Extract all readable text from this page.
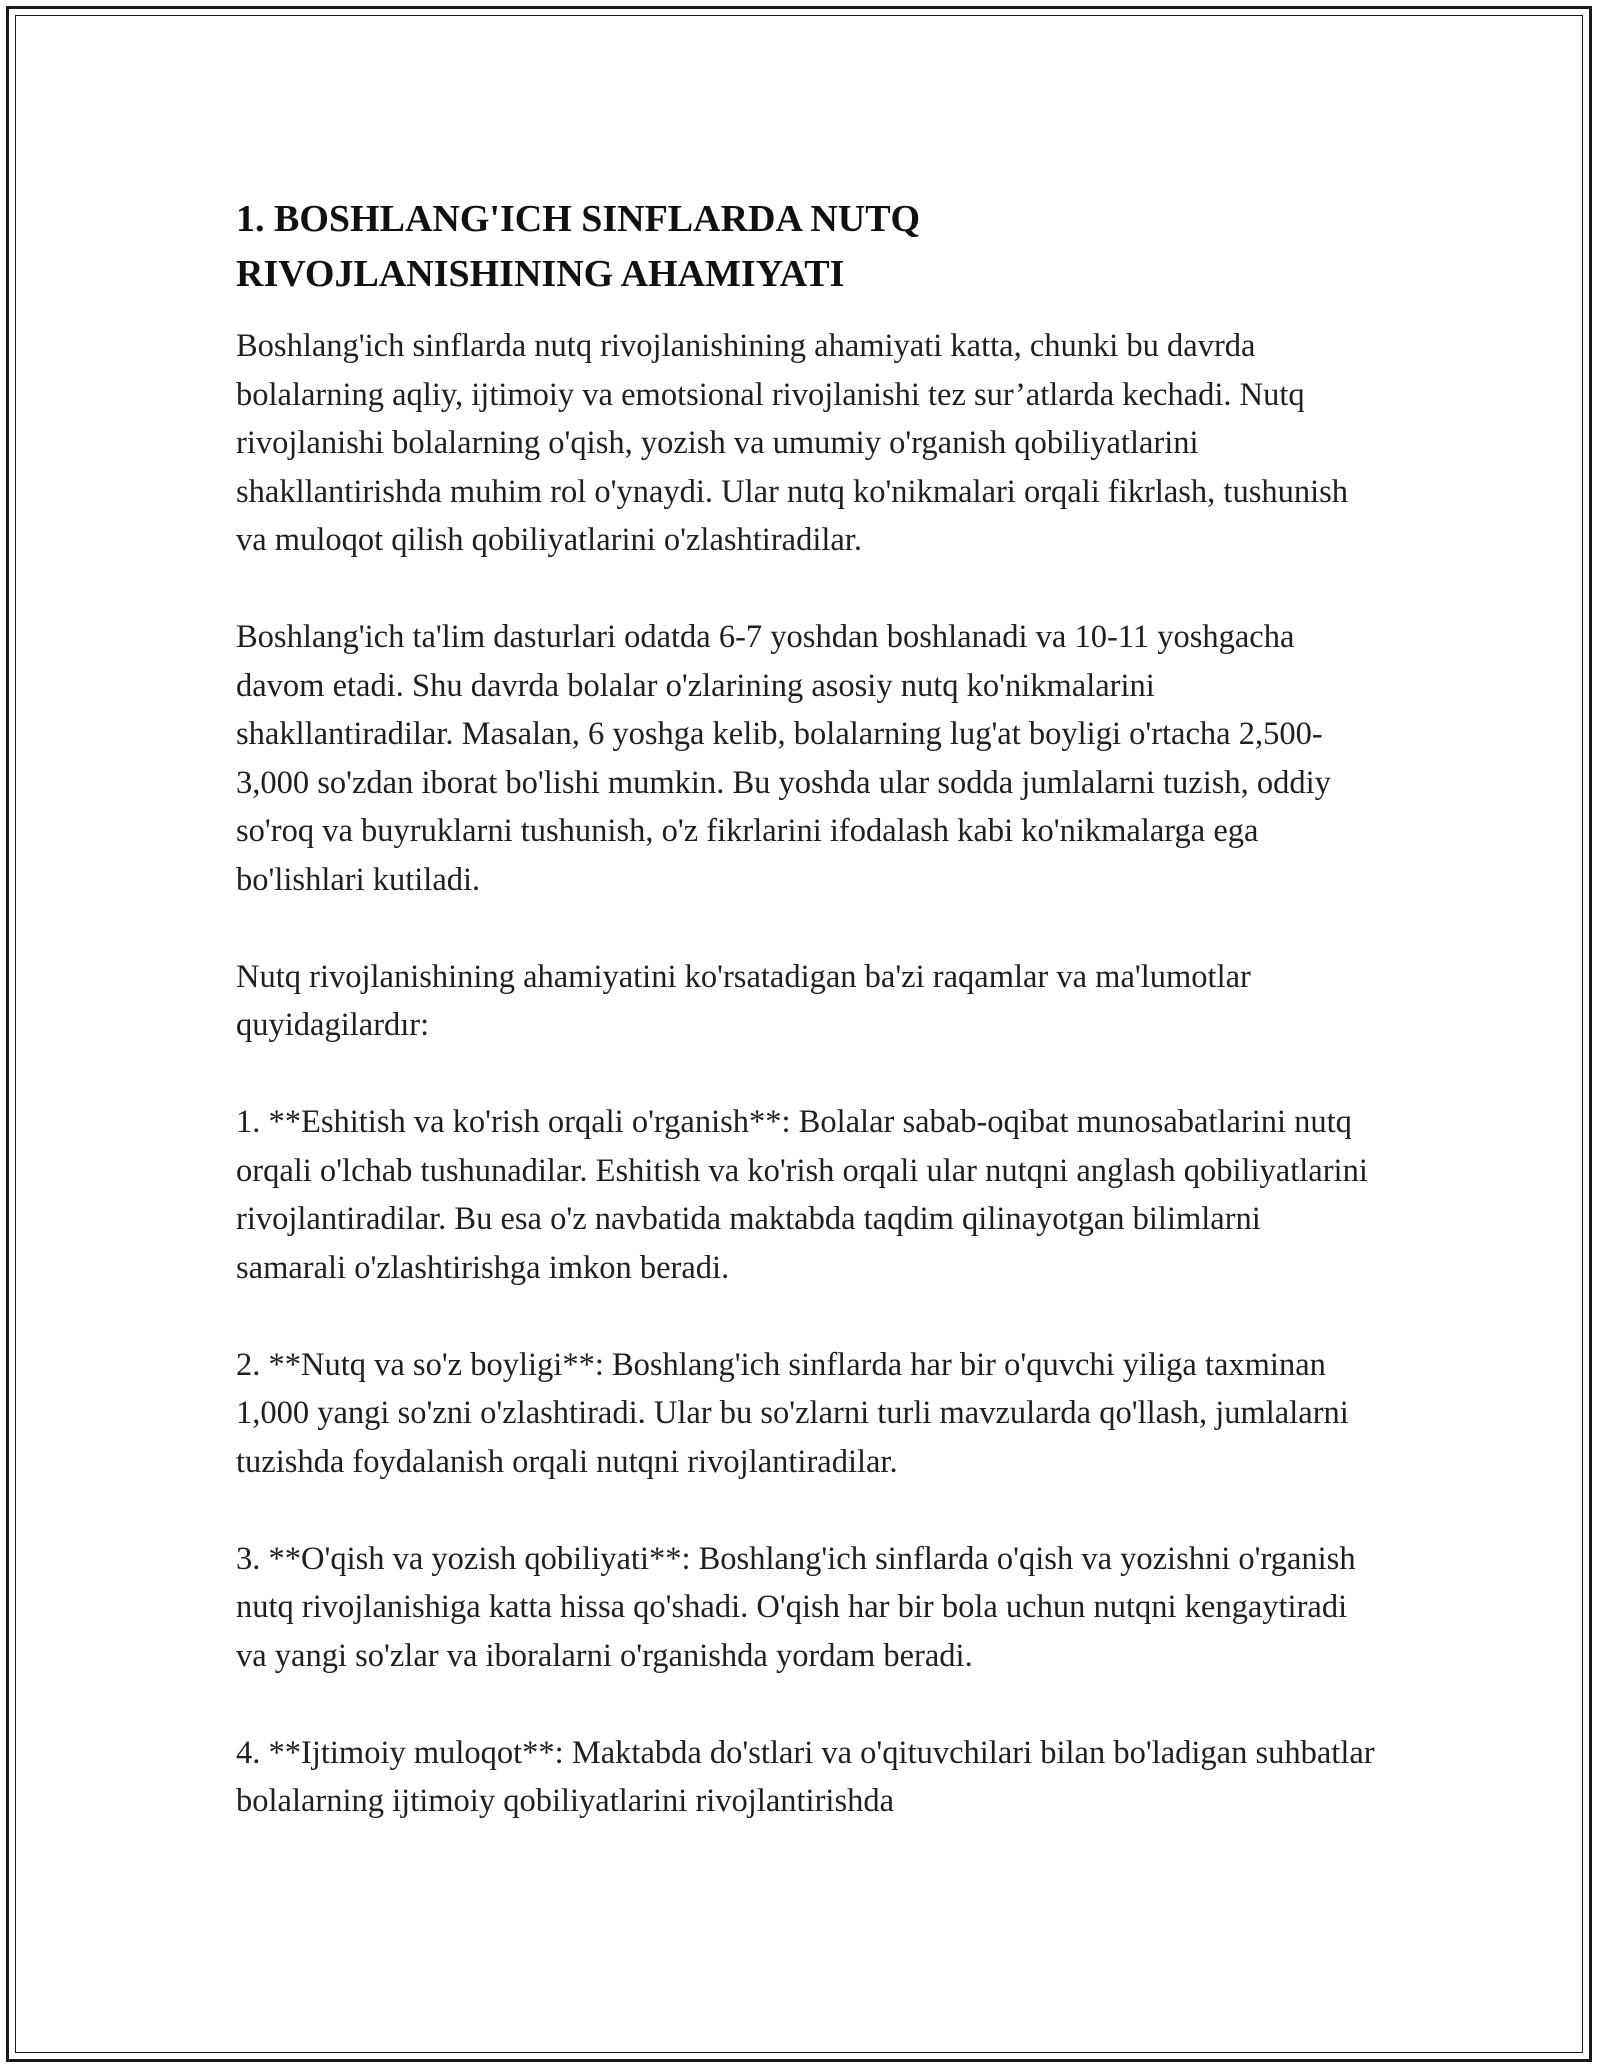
1. BOSHLANG'ICH SINFLARDA NUTQ
RIVOJLANISHINING AHAMIYATI

Boshlang'ich sinflarda nutq rivojlanishining ahamiyati katta, chunki bu davrda bolalarning aqliy, ijtimoiy va emotsional rivojlanishi tez sur’atlarda kechadi. Nutq rivojlanishi bolalarning o'qish, yozish va umumiy o'rganish qobiliyatlarini shakllantirishda muhim rol o'ynaydi. Ular nutq ko'nikmalari orqali fikrlash, tushunish va muloqot qilish qobiliyatlarini o'zlashtiradilar.

Boshlang'ich ta'lim dasturlari odatda 6-7 yoshdan boshlanadi va 10-11 yoshgacha davom etadi. Shu davrda bolalar o'zlarining asosiy nutq ko'nikmalarini shakllantiradilar. Masalan, 6 yoshga kelib, bolalarning lug'at boyligi o'rtacha 2,500-3,000 so'zdan iborat bo'lishi mumkin. Bu yoshda ular sodda jumlalarni tuzish, oddiy so'roq va buyruklarni tushunish, o'z fikrlarini ifodalash kabi ko'nikmalarga ega bo'lishlari kutiladi.

Nutq rivojlanishining ahamiyatini ko'rsatadigan ba'zi raqamlar va ma'lumotlar quyidagilardır:

1. **Eshitish va ko'rish orqali o'rganish**: Bolalar sabab-oqibat munosabatlarini nutq orqali o'lchab tushunadilar. Eshitish va ko'rish orqali ular nutqni anglash qobiliyatlarini rivojlantiradilar. Bu esa o'z navbatida maktabda taqdim qilinayotgan bilimlarni samarali o'zlashtirishga imkon beradi.

2. **Nutq va so'z boyligi**: Boshlang'ich sinflarda har bir o'quvchi yiliga taxminan 1,000 yangi so'zni o'zlashtiradi. Ular bu so'zlarni turli mavzularda qo'llash, jumlalarni tuzishda foydalanish orqali nutqni rivojlantiradilar.

3. **O'qish va yozish qobiliyati**: Boshlang'ich sinflarda o'qish va yozishni o'rganish nutq rivojlanishiga katta hissa qo'shadi. O'qish har bir bola uchun nutqni kengaytiradi va yangi so'zlar va iboralarni o'rganishda yordam beradi.

4. **Ijtimoiy muloqot**: Maktabda do'stlari va o'qituvchilari bilan bo'ladigan suhbatlar bolalarning ijtimoiy qobiliyatlarini rivojlantirishda
